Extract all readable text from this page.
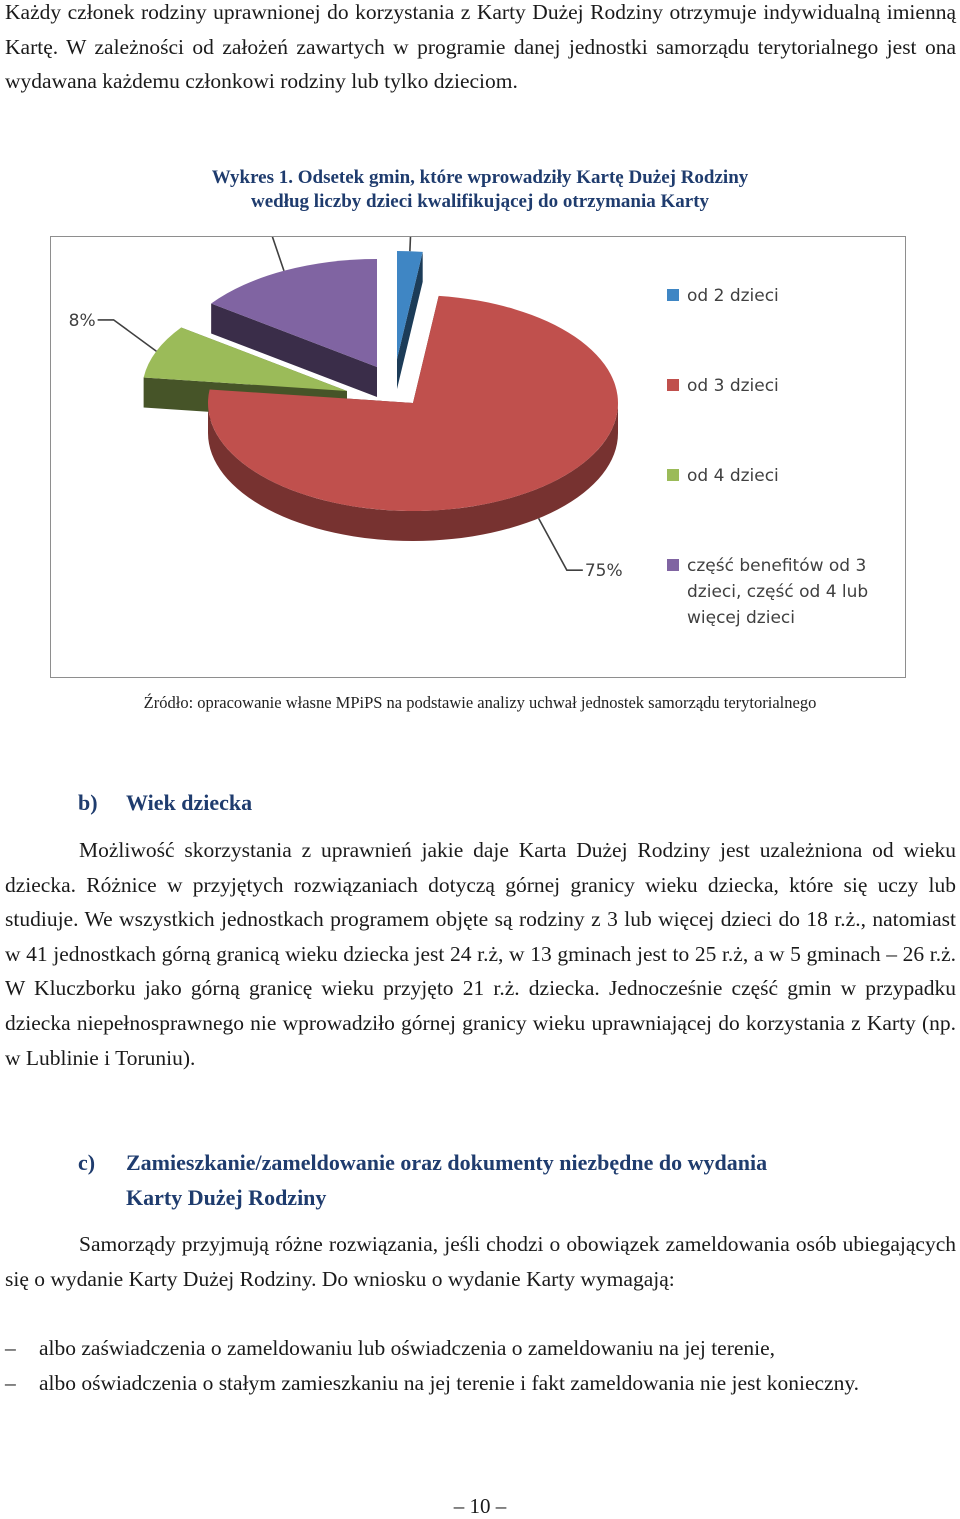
Każdy członek rodziny uprawnionej do korzystania z Karty Dużej Rodziny otrzymuje indywidualną imienną Kartę. W zależności od założeń zawartych w programie danej jednostki samorządu terytorialnego jest ona wydawana każdemu członkowi rodziny lub tylko dzieciom.

Wykres 1. Odsetek gmin, które wprowadziły Kartę Dużej Rodziny
według liczby dzieci kwalifikującej do otrzymania Karty
75%
8%
od 2 dzieci
od 3 dzieci
od 4 dzieci
część benefitów od 3
dzieci, część od 4 lub
więcej dzieci
Źródło: opracowanie własne MPiPS na podstawie analizy uchwał jednostek samorządu terytorialnego
b) Wiek dziecka

Możliwość skorzystania z uprawnień jakie daje Karta Dużej Rodziny jest uzależniona od wieku dziecka. Różnice w przyjętych rozwiązaniach dotyczą górnej granicy wieku dziecka, które się uczy lub studiuje. We wszystkich jednostkach programem objęte są rodziny z 3 lub więcej dzieci do 18 r.ż., natomiast w 41 jednostkach górną granicą wieku dziecka jest 24 r.ż, w 13 gminach jest to 25 r.ż, a w 5 gminach – 26 r.ż. W Kluczborku jako górną granicę wieku przyjęto 21 r.ż. dziecka. Jednocześnie część gmin w przypadku dziecka niepełnosprawnego nie wprowadziło górnej granicy wieku uprawniającej do korzystania z Karty (np. w Lublinie i Toruniu).

c) Zamieszkanie/zameldowanie oraz dokumenty niezbędne do wydania
Karty Dużej Rodziny

Samorządy przyjmują różne rozwiązania, jeśli chodzi o obowiązek zameldowania osób ubiegających się o wydanie Karty Dużej Rodziny. Do wniosku o wydanie Karty wymagają:

– albo zaświadczenia o zameldowaniu lub oświadczenia o zameldowaniu na jej terenie,
– albo oświadczenia o stałym zamieszkaniu na jej terenie i fakt zameldowania nie jest konieczny.
– 10 –
